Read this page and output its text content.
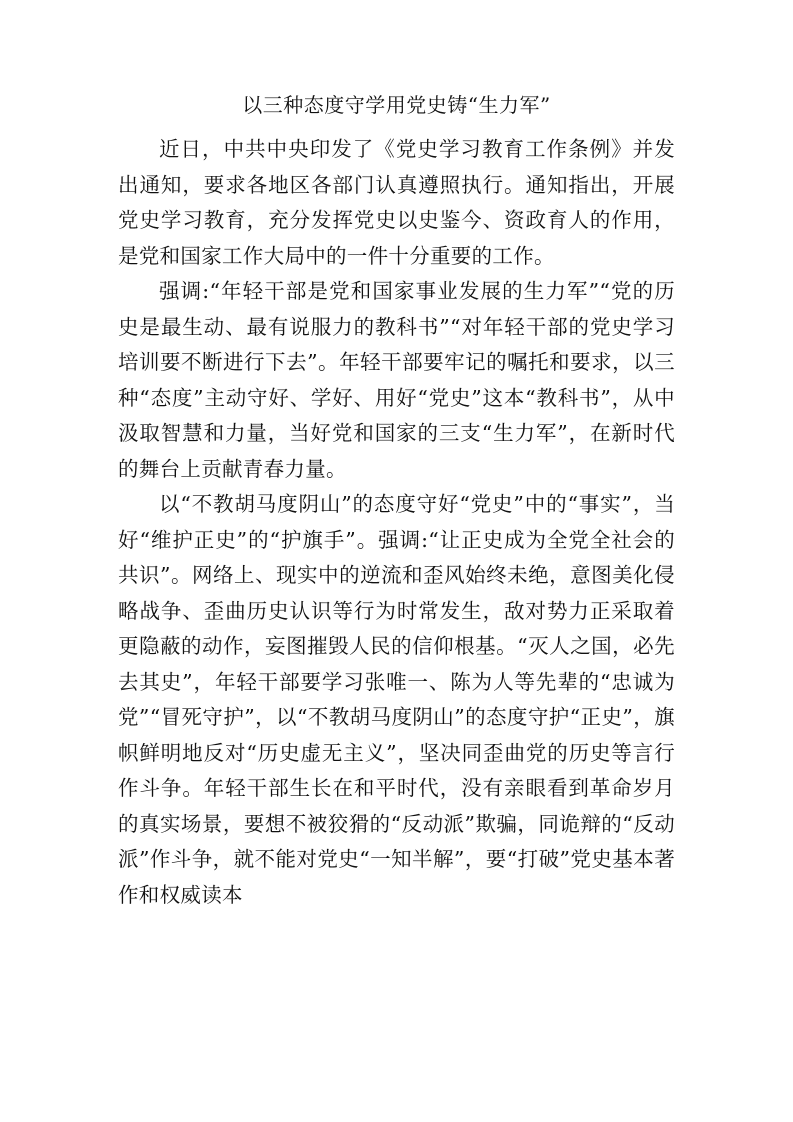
以三种态度守学用党史铸“生力军”

近日，中共中央印发了《党史学习教育工作条例》并发出通知，要求各地区各部门认真遵照执行。通知指出，开展党史学习教育，充分发挥党史以史鉴今、资政育人的作用，是党和国家工作大局中的一件十分重要的工作。

强调:“年轻干部是党和国家事业发展的生力军”“党的历史是最生动、最有说服力的教科书”“对年轻干部的党史学习培训要不断进行下去”。年轻干部要牢记的嘱托和要求，以三种“态度”主动守好、学好、用好“党史”这本“教科书”，从中汲取智慧和力量，当好党和国家的三支“生力军”，在新时代的舞台上贡献青春力量。

以“不教胡马度阴山”的态度守好“党史”中的“事实”，当好“维护正史”的“护旗手”。强调:“让正史成为全党全社会的共识”。网络上、现实中的逆流和歪风始终未绝，意图美化侵略战争、歪曲历史认识等行为时常发生，敌对势力正采取着更隐蔽的动作，妄图摧毁人民的信仰根基。“灭人之国，必先去其史”，年轻干部要学习张唯一、陈为人等先辈的“忠诚为党”“冒死守护”，以“不教胡马度阴山”的态度守护“正史”，旗帜鲜明地反对“历史虚无主义”，坚决同歪曲党的历史等言行作斗争。年轻干部生长在和平时代，没有亲眼看到革命岁月的真实场景，要想不被狡猾的“反动派”欺骗，同诡辩的“反动派”作斗争，就不能对党史“一知半解”，要“打破”党史基本著作和权威读本
